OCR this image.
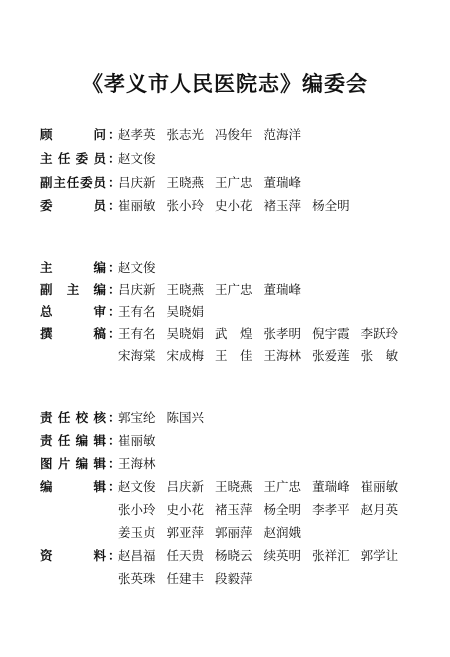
《孝义市人民医院志》编委会
顾	问 ：
赵孝英 张志光 冯俊年 范海洋
主 任 委 员 ：
赵文俊
副 主 任 委 员 ：
吕庆新 王晓燕 王广忠 董瑞峰
委	员 ：
崔丽敏 张小玲 史小花 褚玉萍 杨全明
主	编 ：
赵文俊
副 主 编 ：
吕庆新 王晓燕 王广忠 董瑞峰
总	审 ：
王有名 吴晓娟
撰	稿 ：
王有名 吴晓娟 武　煌 张孝明 倪宇霞 李跃玲
宋海棠 宋成梅 王　佳 王海林 张爱莲 张　敏
责 任 校 核 ：
郭宝纶 陈国兴
责 任 编 辑 ：
崔丽敏
图 片 编 辑 ：
王海林
编	辑 ：
赵文俊 吕庆新 王晓燕 王广忠 董瑞峰 崔丽敏
张小玲 史小花 褚玉萍 杨全明 李孝平 赵月英
姜玉贞 郭亚萍 郭丽萍 赵润娥
资	料 ：
赵昌福 任天贵 杨晓云 续英明 张祥汇 郭学让
张英珠 任建丰 段毅萍
